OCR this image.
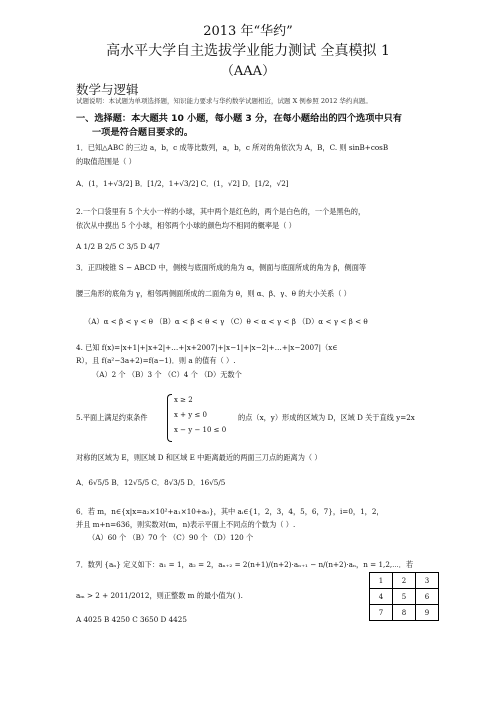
2013 年“华约”
高水平大学自主选拔学业能力测试 全真模拟 1
（AAA）
数学与逻辑
试题说明：本试题为单项选择题，知识能力要求与华约数学试题相近，试题 X 例参照 2012 华约真题。
一、选择题：本大题共 10 小题，每小题 3 分，在每小题给出的四个选项中只有
一项是符合题目要求的。
1．已知△ABC 的三边 a，b，c 成等比数列，a，b，c 所对的角依次为 A，B，C. 则 sinB+cosB
的取值范围是（ ）
A．(1，1+√3/2] B．[1/2，1+√3/2] C．(1，√2] D．[1/2，√2]
2.一个口袋里有 5 个大小一样的小球，其中两个是红色的，两个是白色的，一个是黑色的，
依次从中摸出 5 个小球，相邻两个小球的颜色均不相同的概率是（ ）
A 1/2 B 2/5 C 3/5 D 4/7
3．正四棱锥 S − ABCD 中，侧棱与底面所成的角为 α，侧面与底面所成的角为 β，侧面等
腰三角形的底角为 γ，相邻两侧面所成的二面角为 θ，则 α、β、γ、θ 的大小关系（ ）
（A）α < β < γ < θ （B）α < β < θ < γ （C）θ < α < γ < β （D）α < γ < β < θ
4. 已知 f(x)=|x+1|+|x+2|+…+|x+2007|+|x−1|+|x−2|+…+|x−2007|（x∈
R），且 f(a²−3a+2)=f(a−1)．则 a 的值有（ ）.
（A）2 个 （B）3 个 （C）4 个 （D）无数个
5.平面上满足约束条件
x ≥ 2
x + y ≤ 0
x − y − 10 ≤ 0
的点（x，y）形成的区域为 D，区域 D 关于直线 y=2x
对称的区域为 E，则区域 D 和区域 E 中距离最近的两面三刀点的距离为（ ）
A．6√5/5 B．12√5/5 C．8√3/5 D．16√5/5
6．若 m，n∈{x|x=a₂×10²+a₁×10+a₀}，其中 aᵢ∈{1，2，3，4，5，6，7}，i=0，1，2，
并且 m+n=636，则实数对(m，n)表示平面上不同点的个数为（ ）.
（A）60 个 （B）70 个 （C）90 个 （D）120 个
7．数列 {aₙ} 定义如下：a₁ = 1，a₂ = 2，aₙ₊₂ = 2(n+1)/(n+2)·aₙ₊₁ − n/(n+2)·aₙ，n = 1,2,⋯．若
aₘ > 2 + 2011/2012，则正整数 m 的最小值为( ).
A 4025 B 4250 C 3650 D 4425
1	2	3
4	5	6
7	8	9
